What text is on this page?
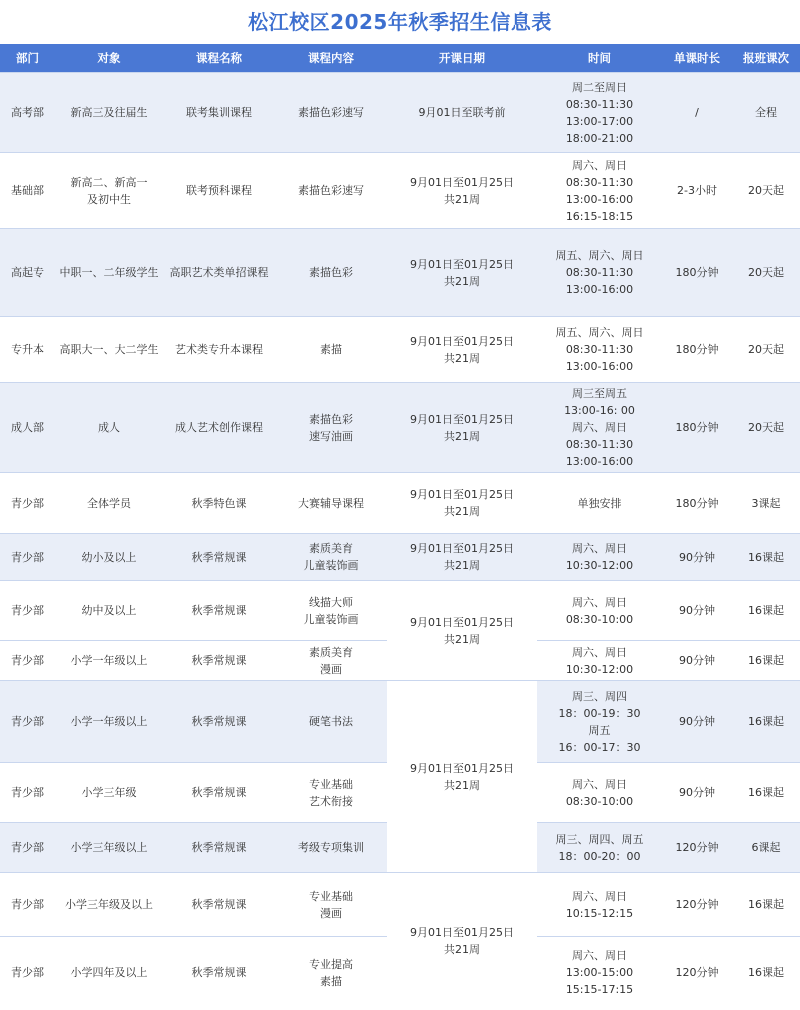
松江校区2025年秋季招生信息表
部门	对象	课程名称	课程内容	开课日期	时间	单课时长	报班课次
高考部	新高三及往届生	联考集训课程	素描色彩速写	9月01日至联考前	周二至周日
08:30-11:30
13:00-17:00
18:00-21:00	/	全程
基础部	新高二、新高一
及初中生	联考预科课程	素描色彩速写	9月01日至01月25日
共21周	周六、周日
08:30-11:30
13:00-16:00
16:15-18:15	2-3小时	20天起
高起专	中职一、二年级学生	高职艺术类单招课程	素描色彩	9月01日至01月25日
共21周	周五、周六、周日
08:30-11:30
13:00-16:00	180分钟	20天起
专升本	高职大一、大二学生	艺术类专升本课程	素描	9月01日至01月25日
共21周	周五、周六、周日
08:30-11:30
13:00-16:00	180分钟	20天起
成人部	成人	成人艺术创作课程	素描色彩
速写油画	9月01日至01月25日
共21周	周三至周五
13:00-16: 00
周六、周日
08:30-11:30
13:00-16:00	180分钟	20天起
青少部	全体学员	秋季特色课	大赛辅导课程	9月01日至01月25日
共21周	单独安排	180分钟	3课起
青少部	幼小及以上	秋季常规课	素质美育
儿童装饰画	9月01日至01月25日
共21周	周六、周日
10:30-12:00	90分钟	16课起
青少部	幼中及以上	秋季常规课	线描大师
儿童装饰画	9月01日至01月25日
共21周	周六、周日
08:30-10:00	90分钟	16课起
青少部	小学一年级以上	秋季常规课	素质美育
漫画		周六、周日
10:30-12:00	90分钟	16课起
青少部	小学一年级以上	秋季常规课	硬笔书法	9月01日至01月25日
共21周	周三、周四
18：00-19：30
周五
16：00-17：30	90分钟	16课起
青少部	小学三年级	秋季常规课	专业基础
艺术衔接		周六、周日
08:30-10:00	90分钟	16课起
青少部	小学三年级以上	秋季常规课	考级专项集训		周三、周四、周五
18：00-20：00	120分钟	6课起
青少部	小学三年级及以上	秋季常规课	专业基础
漫画	9月01日至01月25日
共21周	周六、周日
10:15-12:15	120分钟	16课起
青少部	小学四年及以上	秋季常规课	专业提高
素描		周六、周日
13:00-15:00
15:15-17:15	120分钟	16课起
